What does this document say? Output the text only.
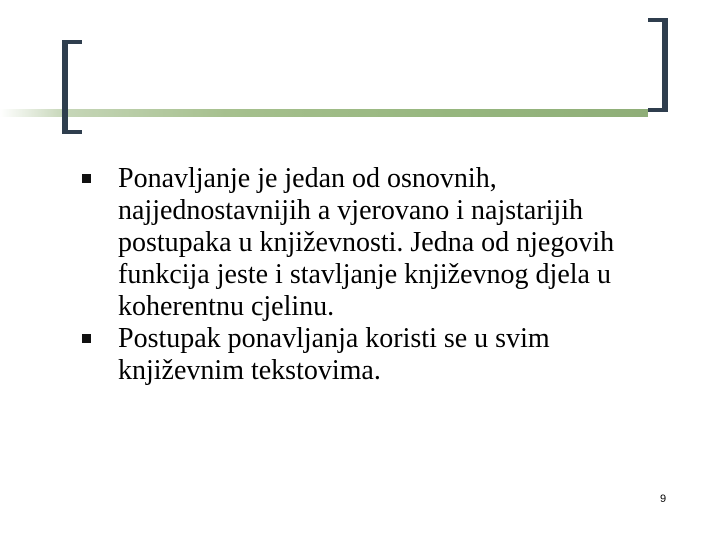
Ponavljanje je jedan od osnovnih, najjednostavnijih a vjerovano i najstarijih postupaka u književnosti. Jedna od njegovih funkcija jeste i stavljanje književnog djela u koherentnu cjelinu.
Postupak ponavljanja koristi se u svim književnim tekstovima.
9
